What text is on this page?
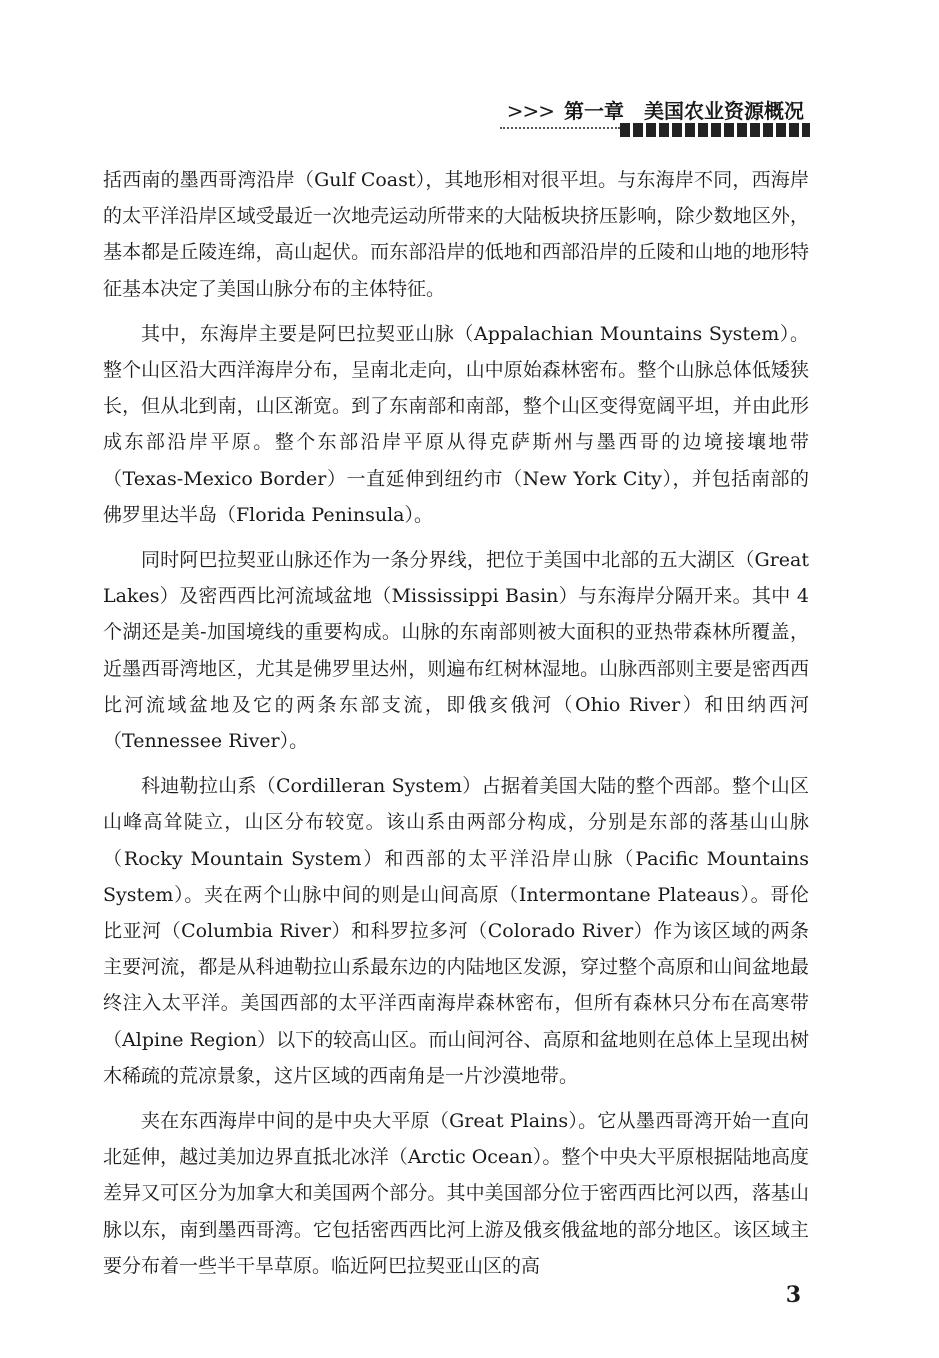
>>> 第一章　美国农业资源概况

括西南的墨西哥湾沿岸（Gulf Coast），其地形相对很平坦。与东海岸不同，西海岸的太平洋沿岸区域受最近一次地壳运动所带来的大陆板块挤压影响，除少数地区外，基本都是丘陵连绵，高山起伏。而东部沿岸的低地和西部沿岸的丘陵和山地的地形特征基本决定了美国山脉分布的主体特征。

其中，东海岸主要是阿巴拉契亚山脉（Appalachian Mountains System）。整个山区沿大西洋海岸分布，呈南北走向，山中原始森林密布。整个山脉总体低矮狭长，但从北到南，山区渐宽。到了东南部和南部，整个山区变得宽阔平坦，并由此形成东部沿岸平原。整个东部沿岸平原从得克萨斯州与墨西哥的边境接壤地带（Texas-Mexico Border）一直延伸到纽约市（New York City），并包括南部的佛罗里达半岛（Florida Peninsula）。

同时阿巴拉契亚山脉还作为一条分界线，把位于美国中北部的五大湖区（Great Lakes）及密西西比河流域盆地（Mississippi Basin）与东海岸分隔开来。其中 4 个湖还是美-加国境线的重要构成。山脉的东南部则被大面积的亚热带森林所覆盖，近墨西哥湾地区，尤其是佛罗里达州，则遍布红树林湿地。山脉西部则主要是密西西比河流域盆地及它的两条东部支流，即俄亥俄河（Ohio River）和田纳西河（Tennessee River）。

科迪勒拉山系（Cordilleran System）占据着美国大陆的整个西部。整个山区山峰高耸陡立，山区分布较宽。该山系由两部分构成，分别是东部的落基山山脉（Rocky Mountain System）和西部的太平洋沿岸山脉（Pacific Mountains System）。夹在两个山脉中间的则是山间高原（Intermontane Plateaus）。哥伦比亚河（Columbia River）和科罗拉多河（Colorado River）作为该区域的两条主要河流，都是从科迪勒拉山系最东边的内陆地区发源，穿过整个高原和山间盆地最终注入太平洋。美国西部的太平洋西南海岸森林密布，但所有森林只分布在高寒带（Alpine Region）以下的较高山区。而山间河谷、高原和盆地则在总体上呈现出树木稀疏的荒凉景象，这片区域的西南角是一片沙漠地带。

夹在东西海岸中间的是中央大平原（Great Plains）。它从墨西哥湾开始一直向北延伸，越过美加边界直抵北冰洋（Arctic Ocean）。整个中央大平原根据陆地高度差异又可区分为加拿大和美国两个部分。其中美国部分位于密西西比河以西，落基山脉以东，南到墨西哥湾。它包括密西西比河上游及俄亥俄盆地的部分地区。该区域主要分布着一些半干旱草原。临近阿巴拉契亚山区的高

3
